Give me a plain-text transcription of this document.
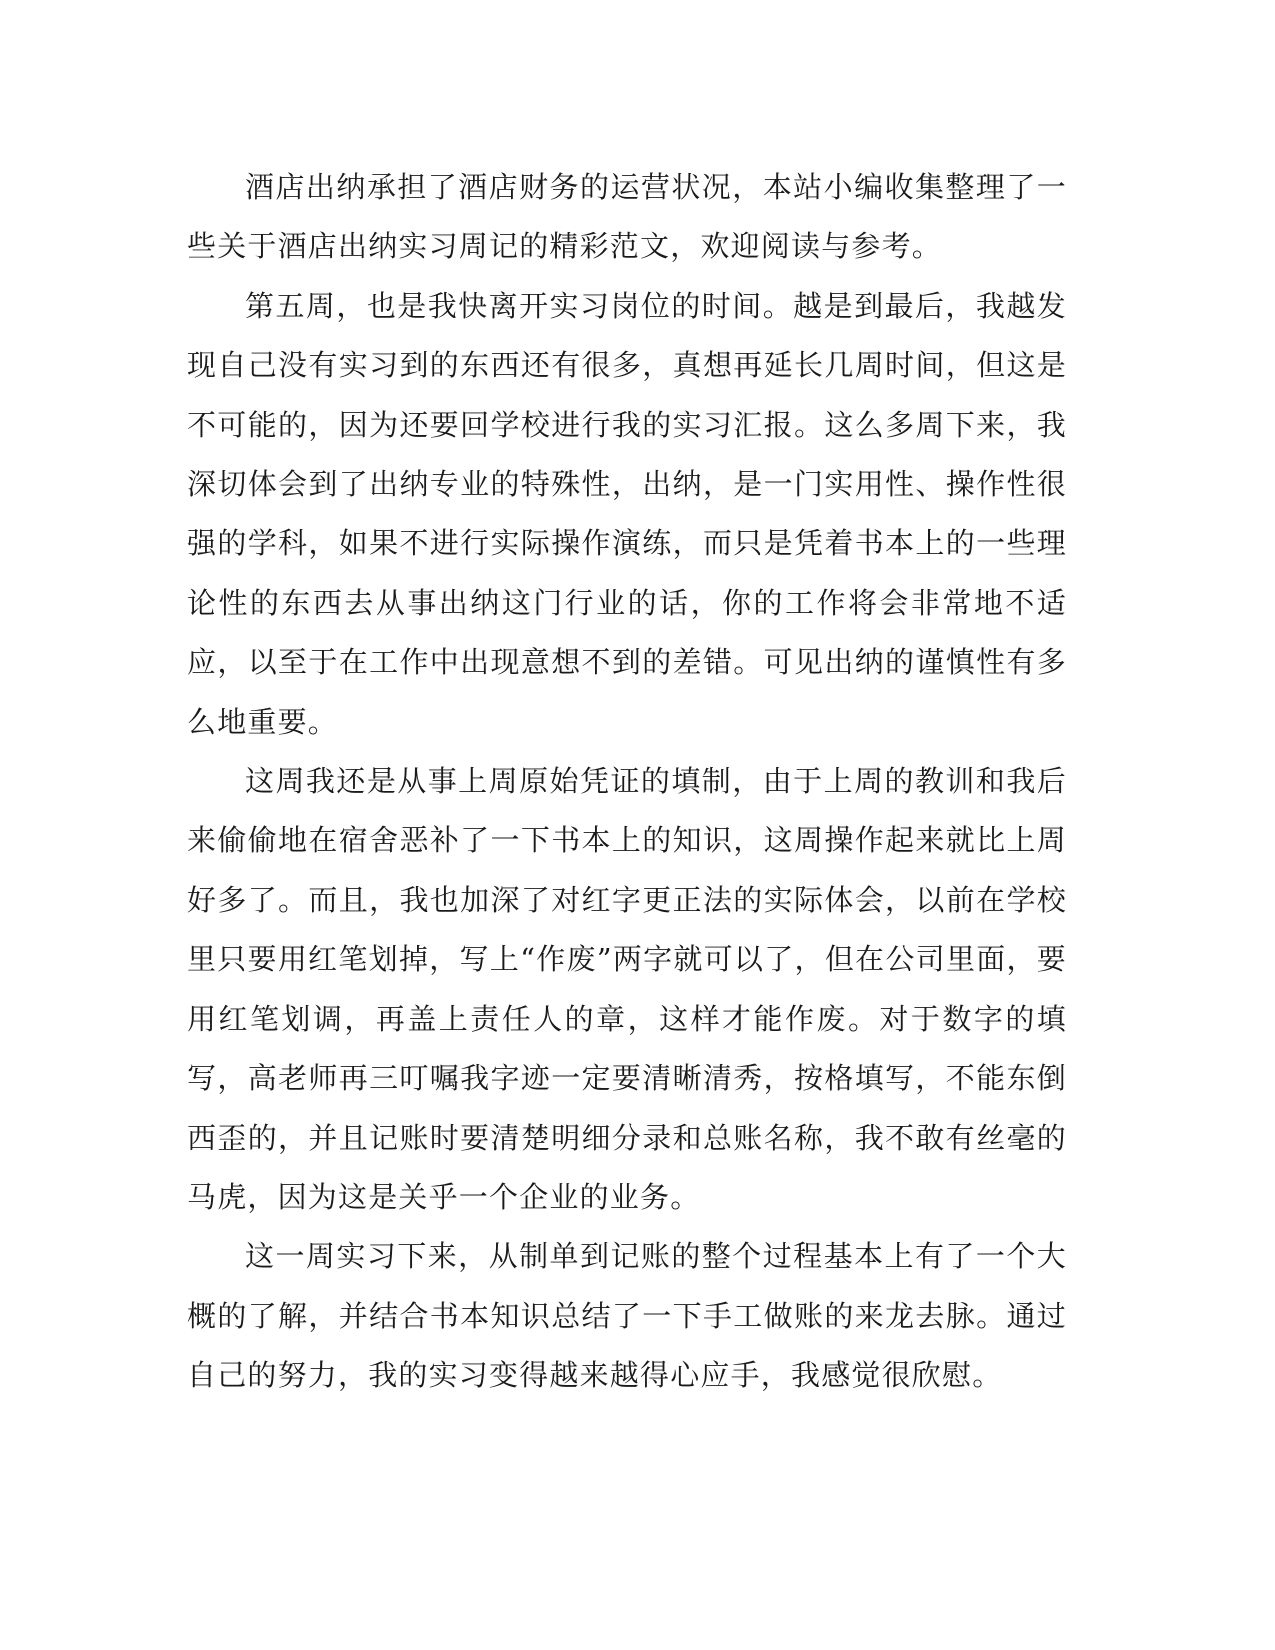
酒店出纳承担了酒店财务的运营状况，本站小编收集整理了一些关于酒店出纳实习周记的精彩范文，欢迎阅读与参考。

第五周，也是我快离开实习岗位的时间。越是到最后，我越发现自己没有实习到的东西还有很多，真想再延长几周时间，但这是不可能的，因为还要回学校进行我的实习汇报。这么多周下来，我深切体会到了出纳专业的特殊性，出纳，是一门实用性、操作性很强的学科，如果不进行实际操作演练，而只是凭着书本上的一些理论性的东西去从事出纳这门行业的话，你的工作将会非常地不适应，以至于在工作中出现意想不到的差错。可见出纳的谨慎性有多么地重要。

这周我还是从事上周原始凭证的填制，由于上周的教训和我后来偷偷地在宿舍恶补了一下书本上的知识，这周操作起来就比上周好多了。而且，我也加深了对红字更正法的实际体会，以前在学校里只要用红笔划掉，写上“作废”两字就可以了，但在公司里面，要用红笔划调，再盖上责任人的章，这样才能作废。对于数字的填写，高老师再三叮嘱我字迹一定要清晰清秀，按格填写，不能东倒西歪的，并且记账时要清楚明细分录和总账名称，我不敢有丝毫的马虎，因为这是关乎一个企业的业务。

这一周实习下来，从制单到记账的整个过程基本上有了一个大概的了解，并结合书本知识总结了一下手工做账的来龙去脉。通过自己的努力，我的实习变得越来越得心应手，我感觉很欣慰。
